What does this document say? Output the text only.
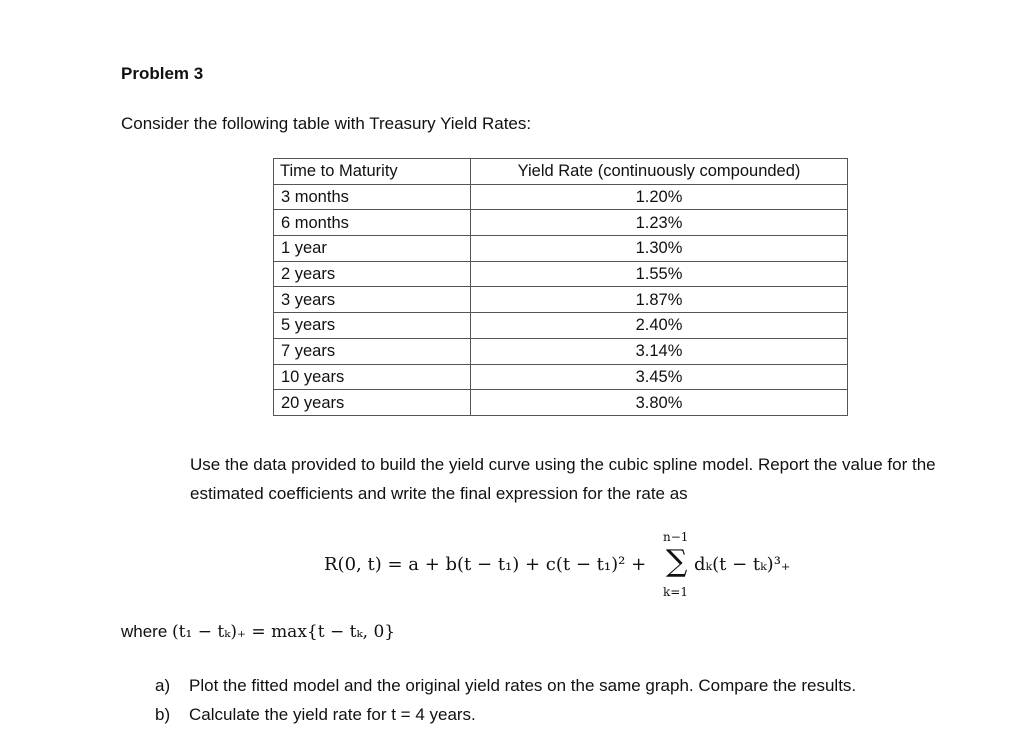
Problem 3
Consider the following table with Treasury Yield Rates:
Time to Maturity	Yield Rate (continuously compounded)
3 months	1.20%
6 months	1.23%
1 year	1.30%
2 years	1.55%
3 years	1.87%
5 years	2.40%
7 years	3.14%
10 years	3.45%
20 years	3.80%
Use the data provided to build the yield curve using the cubic spline model. Report the value for the estimated coefficients and write the final expression for the rate as
R(0, t) = a + b(t − t₁) + c(t − t₁)² +
n−1
∑
k=1
dₖ(t − tₖ)³₊
where (t₁ − tₖ)₊ = max{t − tₖ, 0}
a) Plot the fitted model and the original yield rates on the same graph. Compare the results.
b) Calculate the yield rate for t = 4 years.
